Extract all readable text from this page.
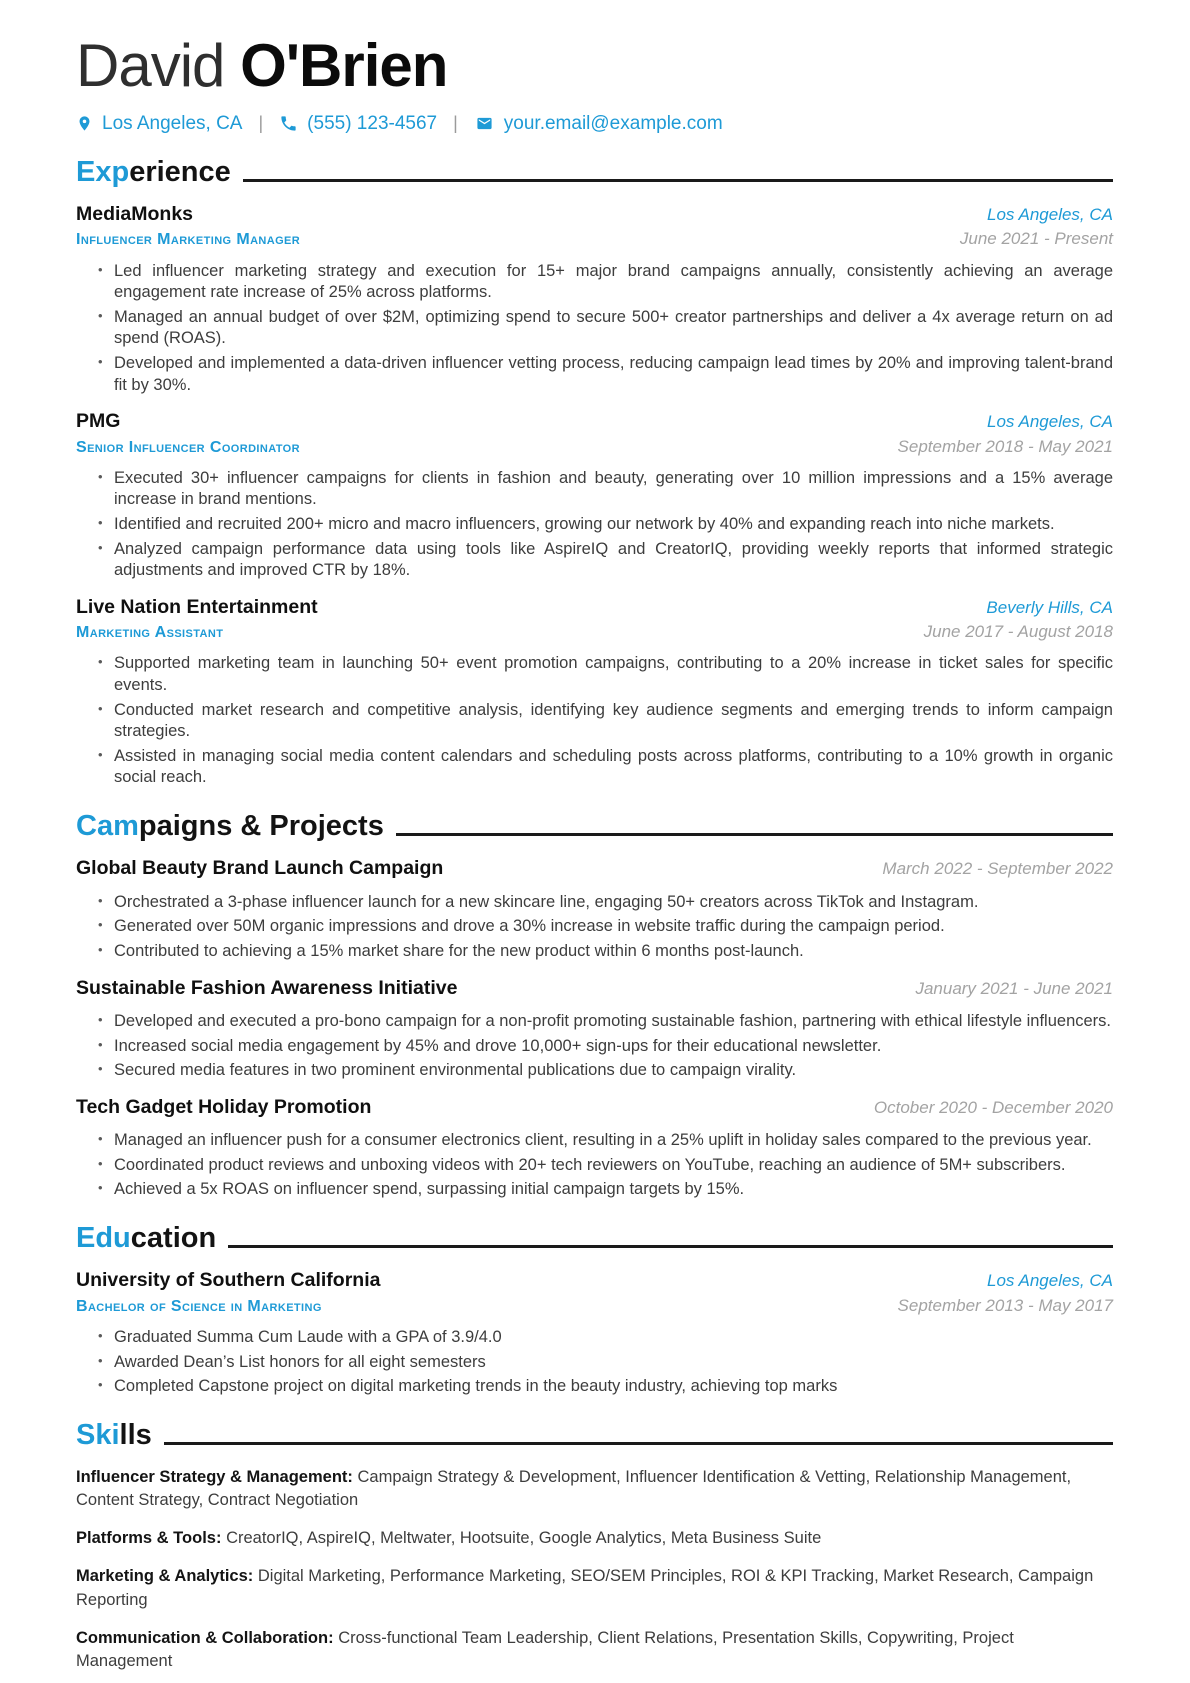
David O'Brien
Los Angeles, CA | (555) 123-4567 | your.email@example.com
Exp erience
MediaMonks	Los Angeles, CA
Influencer Marketing Manager	June 2021 - Present
• Led influencer marketing strategy and execution for 15+ major brand campaigns annually, consistently achieving an average engagement rate increase of 25% across platforms.
• Managed an annual budget of over $2M, optimizing spend to secure 500+ creator partnerships and deliver a 4x average return on ad spend (ROAS).
• Developed and implemented a data-driven influencer vetting process, reducing campaign lead times by 20% and improving talent-brand fit by 30%.
PMG	Los Angeles, CA
Senior Influencer Coordinator	September 2018 - May 2021
• Executed 30+ influencer campaigns for clients in fashion and beauty, generating over 10 million impressions and a 15% average increase in brand mentions.
• Identified and recruited 200+ micro and macro influencers, growing our network by 40% and expanding reach into niche markets.
• Analyzed campaign performance data using tools like AspireIQ and CreatorIQ, providing weekly reports that informed strategic adjustments and improved CTR by 18%.
Live Nation Entertainment	Beverly Hills, CA
Marketing Assistant	June 2017 - August 2018
• Supported marketing team in launching 50+ event promotion campaigns, contributing to a 20% increase in ticket sales for specific events.
• Conducted market research and competitive analysis, identifying key audience segments and emerging trends to inform campaign strategies.
• Assisted in managing social media content calendars and scheduling posts across platforms, contributing to a 10% growth in organic social reach.
Cam paigns & Projects
Global Beauty Brand Launch Campaign	March 2022 - September 2022
• Orchestrated a 3-phase influencer launch for a new skincare line, engaging 50+ creators across TikTok and Instagram.
• Generated over 50M organic impressions and drove a 30% increase in website traffic during the campaign period.
• Contributed to achieving a 15% market share for the new product within 6 months post-launch.
Sustainable Fashion Awareness Initiative	January 2021 - June 2021
• Developed and executed a pro-bono campaign for a non-profit promoting sustainable fashion, partnering with ethical lifestyle influencers.
• Increased social media engagement by 45% and drove 10,000+ sign-ups for their educational newsletter.
• Secured media features in two prominent environmental publications due to campaign virality.
Tech Gadget Holiday Promotion	October 2020 - December 2020
• Managed an influencer push for a consumer electronics client, resulting in a 25% uplift in holiday sales compared to the previous year.
• Coordinated product reviews and unboxing videos with 20+ tech reviewers on YouTube, reaching an audience of 5M+ subscribers.
• Achieved a 5x ROAS on influencer spend, surpassing initial campaign targets by 15%.
Edu cation
University of Southern California	Los Angeles, CA
Bachelor of Science in Marketing	September 2013 - May 2017
• Graduated Summa Cum Laude with a GPA of 3.9/4.0
• Awarded Dean’s List honors for all eight semesters
• Completed Capstone project on digital marketing trends in the beauty industry, achieving top marks
Ski lls

Influencer Strategy & Management: Campaign Strategy & Development, Influencer Identification & Vetting, Relationship Management, Content Strategy, Contract Negotiation

Platforms & Tools: CreatorIQ, AspireIQ, Meltwater, Hootsuite, Google Analytics, Meta Business Suite

Marketing & Analytics: Digital Marketing, Performance Marketing, SEO/SEM Principles, ROI & KPI Tracking, Market Research, Campaign Reporting

Communication & Collaboration: Cross-functional Team Leadership, Client Relations, Presentation Skills, Copywriting, Project Management
